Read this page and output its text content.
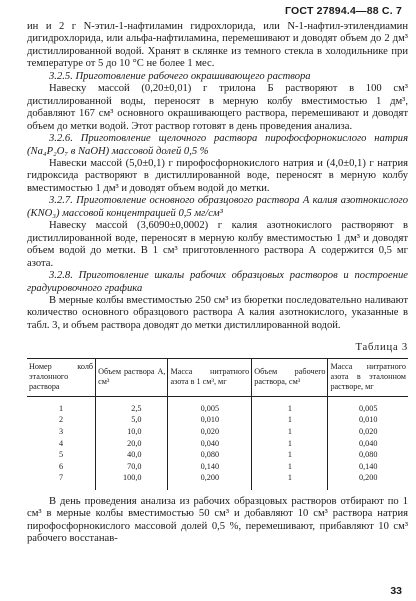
ГОСТ 27894.4—88 С. 7

ин и 2 г N-этил-1-нафтиламин гидрохлорида, или N-1-нафтил-этилендиамин дигидрохлорида, или альфа-нафтиламина, перемешивают и доводят объем до 2 дм³ дистиллированной водой. Хранят в склянке из темного стекла в холодильнике при температуре от 5 до 10 °С не более 1 мес.

3.2.5. Приготовление рабочего окрашивающего раствора

Навеску массой (0,20±0,01) г трилона Б растворяют в 100 см³ дистиллированной воды, переносят в мерную колбу вместимостью 1 дм³, добавляют 167 см³ основного окрашивающего раствора, перемешивают и доводят объем до метки водой. Этот раствор готовят в день проведения анализа.

3.2.6. Приготовление щелочного раствора пирофосфорнокислого натрия (Na₄P₂O₇ в NaOH) массовой долей 0,5 %

Навески массой (5,0±0,1) г пирофосфорнокислого натрия и (4,0±0,1) г натрия гидроксида растворяют в дистиллированной воде, переносят в мерную колбу вместимостью 1 дм³ и доводят объем водой до метки.

3.2.7. Приготовление основного образцового раствора А калия азотнокислого (KNO₃) массовой концентрацией 0,5 мг/см³

Навеску массой (3,6090±0,0002) г калия азотнокислого растворяют в дистиллированной воде, переносят в мерную колбу вместимостью 1 дм³ и доводят объем водой до метки. В 1 см³ приготовленного раствора А содержится 0,5 мг азота.

3.2.8. Приготовление шкалы рабочих образцовых растворов и построение градуировочного графика

В мерные колбы вместимостью 250 см³ из бюретки последовательно наливают количество основного образцового раствора А калия азотнокислого, указанные в табл. 3, и объем раствора доводят до метки дистиллированной водой.

Таблица 3
Номер колб эталонного раствора	Объем раствора А, см³	Масса нитратного азота в 1 см³, мг	Объем рабочего раствора, см³	Масса нитратного азота в эталонном растворе, мг
1	2,5	0,005	1	0,005
2	5,0	0,010	1	0,010
3	10,0	0,020	1	0,020
4	20,0	0,040	1	0,040
5	40,0	0,080	1	0,080
6	70,0	0,140	1	0,140
7	100,0	0,200	1	0,200

В день проведения анализа из рабочих образцовых растворов отбирают по 1 см³ в мерные колбы вместимостью 50 см³ и добавляют 10 см³ раствора натрия пирофосфорнокислого массовой долей 0,5 %, перемешивают, прибавляют 10 см³ рабочего восстанав-

33
